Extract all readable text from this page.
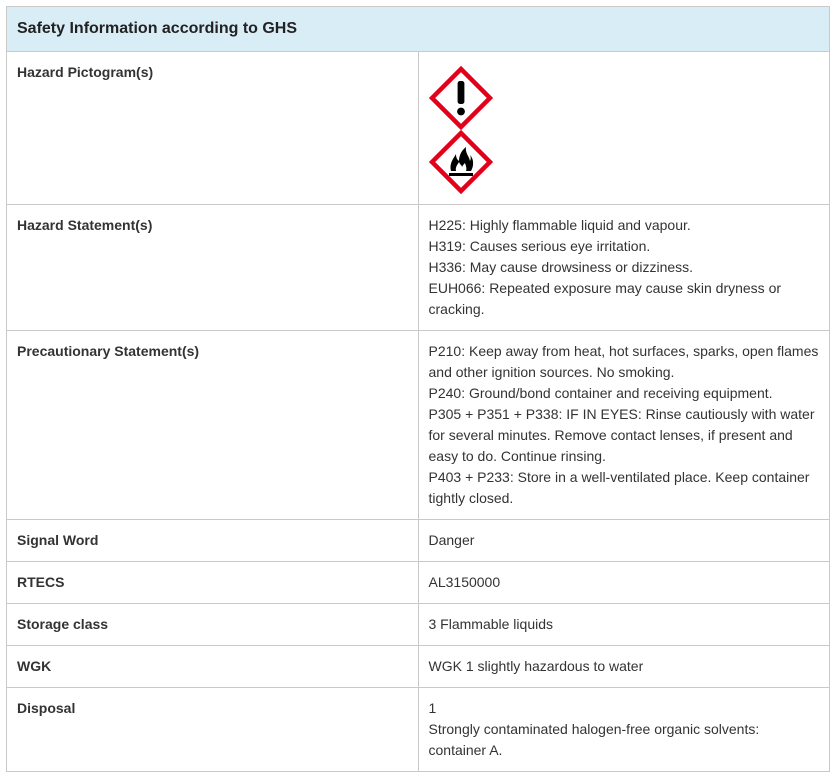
Safety Information according to GHS	
Hazard Pictogram(s)	

Hazard Statement(s)	H225: Highly flammable liquid and vapour.
H319: Causes serious eye irritation.
H336: May cause drowsiness or dizziness.
EUH066: Repeated exposure may cause skin dryness or cracking.

Precautionary Statement(s)	P210: Keep away from heat, hot surfaces, sparks, open flames and other ignition sources. No smoking.
P240: Ground/bond container and receiving equipment.
P305 + P351 + P338: IF IN EYES: Rinse cautiously with water for several minutes. Remove contact lenses, if present and easy to do. Continue rinsing.
P403 + P233: Store in a well-ventilated place. Keep container tightly closed.

Signal Word	Danger
RTECS	AL3150000
Storage class	3 Flammable liquids
WGK	WGK 1 slightly hazardous to water
Disposal	1
Strongly contaminated halogen-free organic solvents: container A.
